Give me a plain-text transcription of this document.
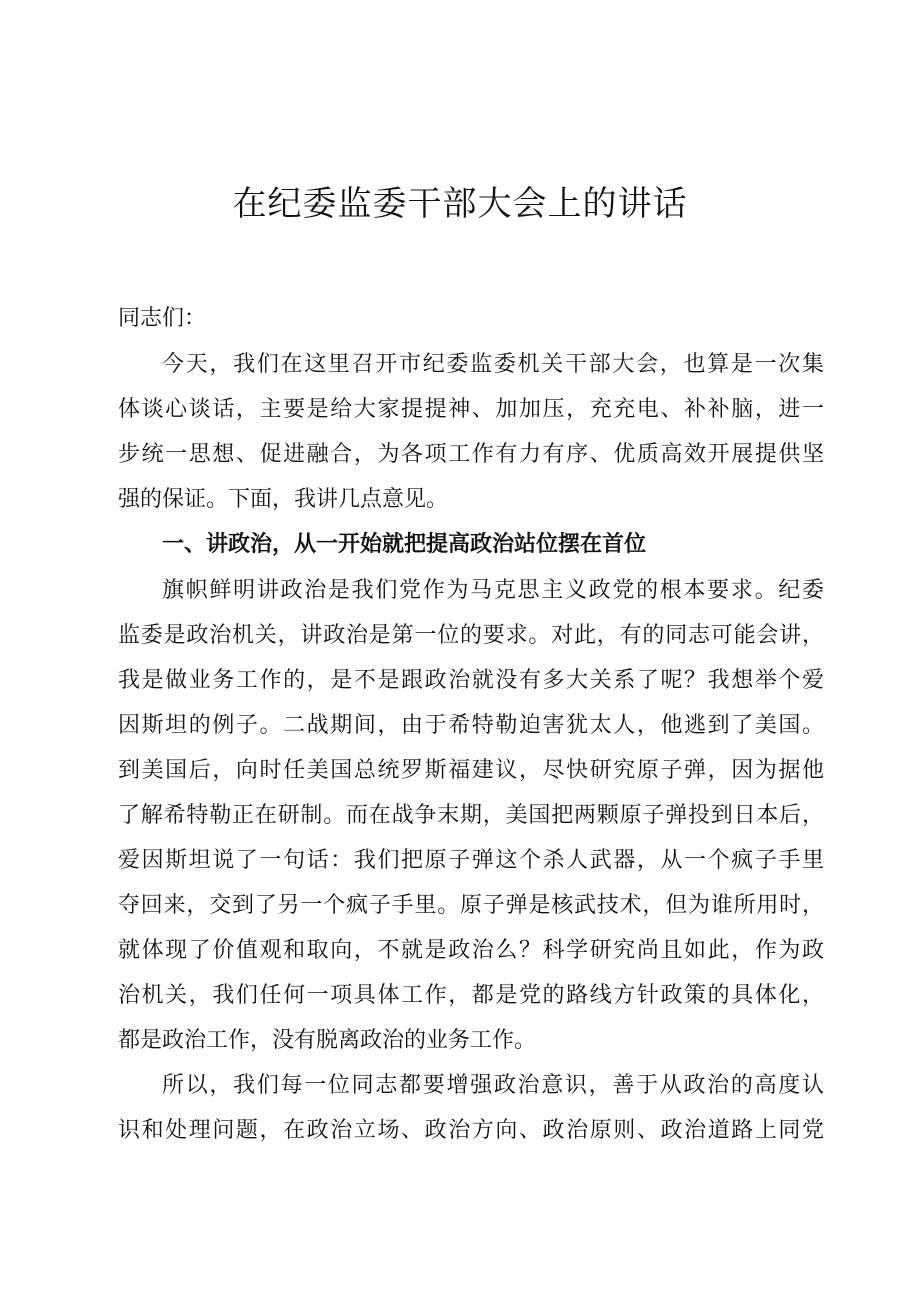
在纪委监委干部大会上的讲话

同志们：

今天，我们在这里召开市纪委监委机关干部大会，也算是一次集
体谈心谈话，主要是给大家提提神、加加压，充充电、补补脑，进一
步统一思想、促进融合，为各项工作有力有序、优质高效开展提供坚
强的保证。下面，我讲几点意见。

一、讲政治，从一开始就把提高政治站位摆在首位

旗帜鲜明讲政治是我们党作为马克思主义政党的根本要求。纪委
监委是政治机关，讲政治是第一位的要求。对此，有的同志可能会讲，
我是做业务工作的，是不是跟政治就没有多大关系了呢？我想举个爱
因斯坦的例子。二战期间，由于希特勒迫害犹太人，他逃到了美国。
到美国后，向时任美国总统罗斯福建议，尽快研究原子弹，因为据他
了解希特勒正在研制。而在战争末期，美国把两颗原子弹投到日本后，
爱因斯坦说了一句话：我们把原子弹这个杀人武器，从一个疯子手里
夺回来，交到了另一个疯子手里。原子弹是核武技术，但为谁所用时，
就体现了价值观和取向，不就是政治么？科学研究尚且如此，作为政
治机关，我们任何一项具体工作，都是党的路线方针政策的具体化，
都是政治工作，没有脱离政治的业务工作。

所以，我们每一位同志都要增强政治意识，善于从政治的高度认
识和处理问题，在政治立场、政治方向、政治原则、政治道路上同党
